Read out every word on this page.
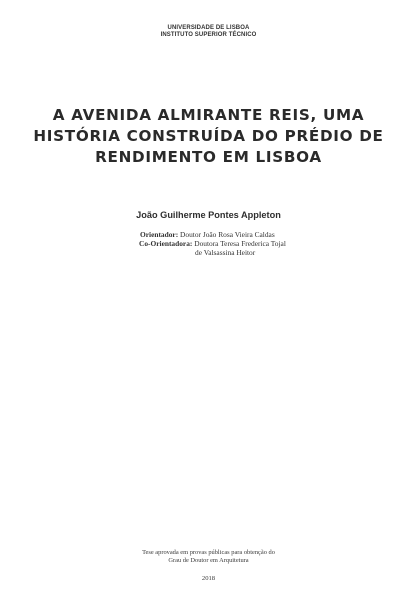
UNIVERSIDADE DE LISBOA
INSTITUTO SUPERIOR TÉCNICO
A AVENIDA ALMIRANTE REIS, UMA
HISTÓRIA CONSTRUÍDA DO PRÉDIO DE
RENDIMENTO EM LISBOA
João Guilherme Pontes Appleton
Orientador: Doutor João Rosa Vieira Caldas
Co-Orientadora: Doutora Teresa Frederica Tojal
de Valsassina Heitor
Tese aprovada em provas públicas para obtenção do
Grau de Doutor em Arquitetura
2018
